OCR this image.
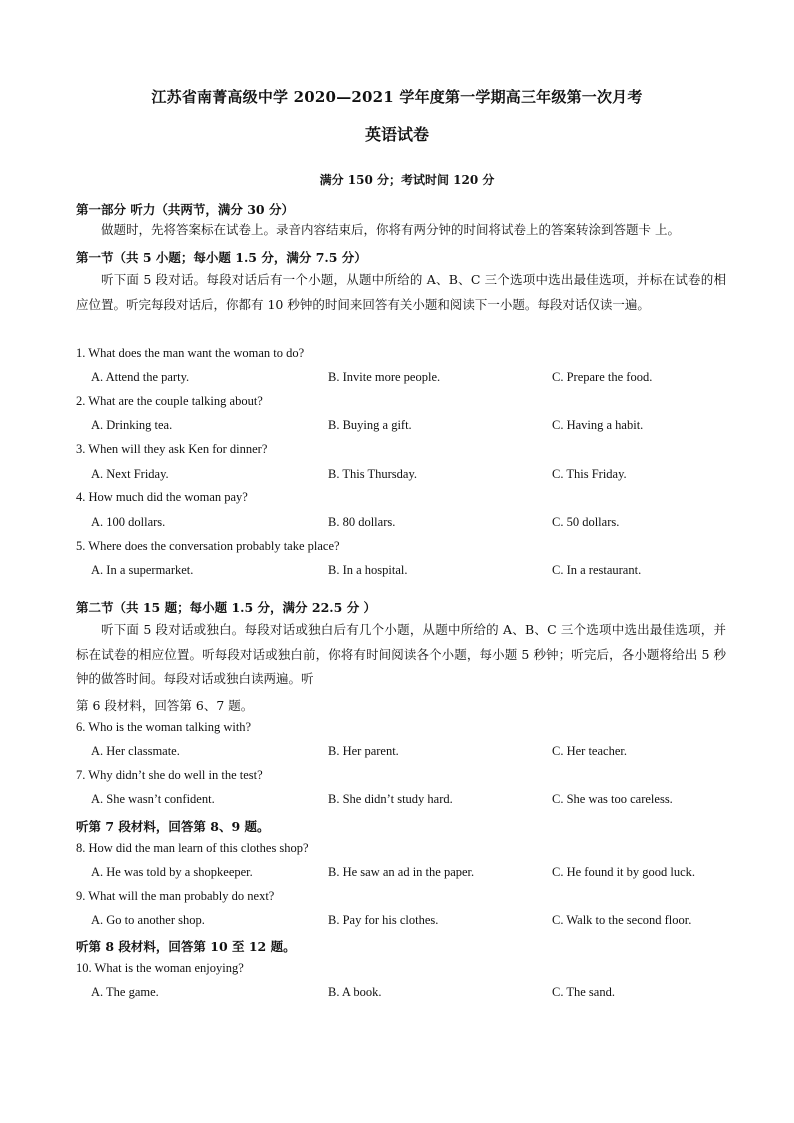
江苏省南菁高级中学 2020—2021 学年度第一学期高三年级第一次月考
英语试卷
满分 150 分；考试时间 120 分
第一部分 听力（共两节，满分 30 分）
做题时，先将答案标在试卷上。录音内容结束后，你将有两分钟的时间将试卷上的答案转涂到答题卡 上。
第一节（共 5 小题；每小题 1.5 分，满分 7.5 分）
听下面 5 段对话。每段对话后有一个小题，从题中所给的 A、B、C 三个选项中选出最佳选项，并标在试卷的相应位置。听完每段对话后，你都有 10 秒钟的时间来回答有关小题和阅读下一小题。每段对话仅读一遍。
1. What does the man want the woman to do?
A. Attend the party.	B. Invite more people.	C. Prepare the food.
2. What are the couple talking about?
A. Drinking tea.	B. Buying a gift.	C. Having a habit.
3. When will they ask Ken for dinner?
A. Next Friday.	B. This Thursday.	C. This Friday.
4. How much did the woman pay?
A. 100 dollars.	B. 80 dollars.	C. 50 dollars.
5. Where does the conversation probably take place?
A. In a supermarket.	B. In a hospital.	C. In a restaurant.
第二节（共 15 题；每小题 1.5 分，满分 22.5 分 ）
听下面 5 段对话或独白。每段对话或独白后有几个小题，从题中所给的 A、B、C 三个选项中选出最佳选项，并标在试卷的相应位置。听每段对话或独白前，你将有时间阅读各个小题，每小题 5 秒钟；听完后，各小题将给出 5 秒钟的做答时间。每段对话或独白读两遍。听
第 6 段材料，回答第 6、7 题。
6. Who is the woman talking with?
A. Her classmate.	B. Her parent.	C. Her teacher.
7. Why didn’t she do well in the test?
A. She wasn’t confident.	B. She didn’t study hard.	C. She was too careless.
听第 7 段材料，回答第 8、9 题。
8. How did the man learn of this clothes shop?
A. He was told by a shopkeeper.	B. He saw an ad in the paper.	C. He found it by good luck.
9. What will the man probably do next?
A. Go to another shop.	B. Pay for his clothes.	C. Walk to the second floor.
听第 8 段材料，回答第 10 至 12 题。
10. What is the woman enjoying?
A. The game.	B. A book.	C. The sand.
